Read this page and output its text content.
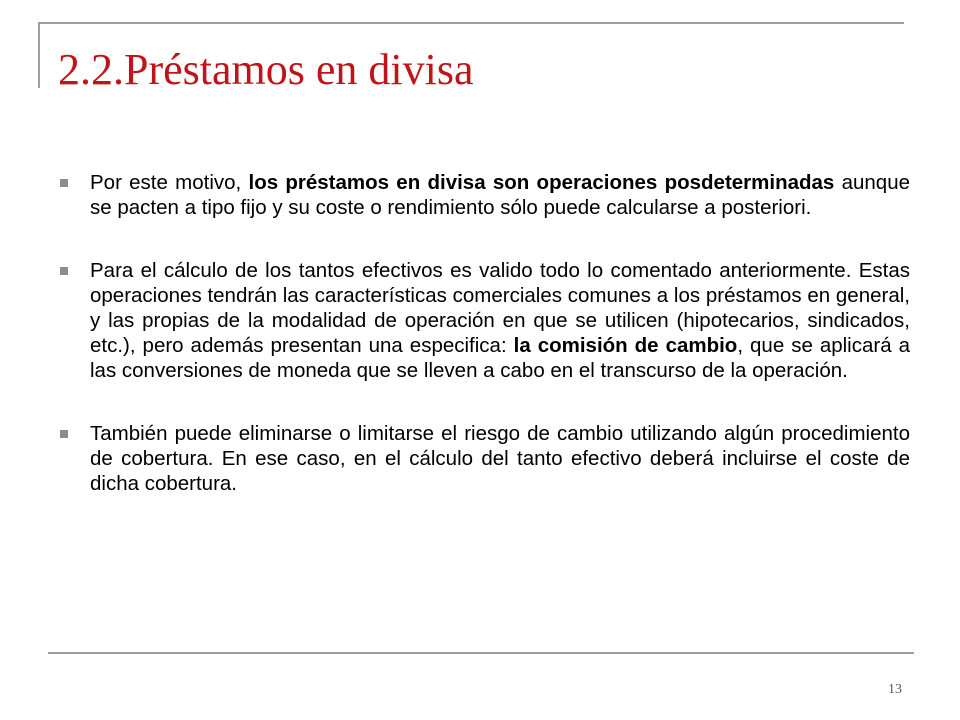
2.2.Préstamos en divisa
Por este motivo, los préstamos en divisa son operaciones posdeterminadas aunque se pacten a tipo fijo y su coste o rendimiento sólo puede calcularse a posteriori.
Para el cálculo de los tantos efectivos es valido todo lo comentado anteriormente. Estas operaciones tendrán las características comerciales comunes a los préstamos en general, y las propias de la modalidad de operación en que se utilicen (hipotecarios, sindicados, etc.), pero además presentan una especifica: la comisión de cambio, que se aplicará a las conversiones de moneda que se lleven a cabo en el transcurso de la operación.
También puede eliminarse o limitarse el riesgo de cambio utilizando algún procedimiento de cobertura. En ese caso, en el cálculo del tanto efectivo deberá incluirse el coste de dicha cobertura.
13
